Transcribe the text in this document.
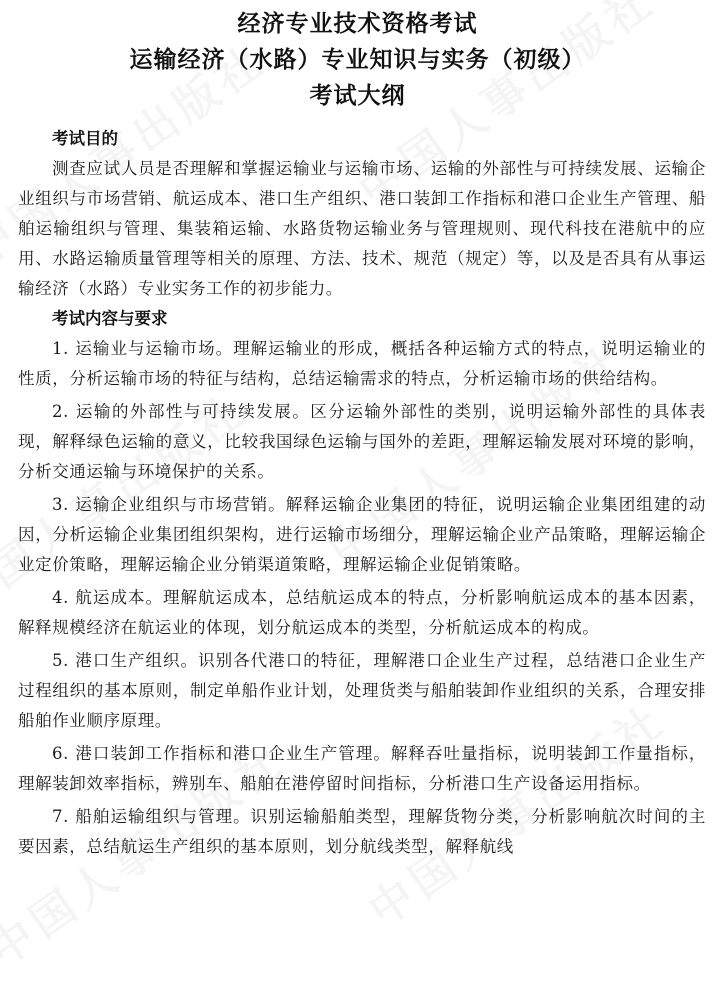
经济专业技术资格考试
运输经济（水路）专业知识与实务（初级）
考试大纲

考试目的

测查应试人员是否理解和掌握运输业与运输市场、运输的外部性与可持续发展、运输企业组织与市场营销、航运成本、港口生产组织、港口装卸工作指标和港口企业生产管理、船舶运输组织与管理、集装箱运输、水路货物运输业务与管理规则、现代科技在港航中的应用、水路运输质量管理等相关的原理、方法、技术、规范（规定）等，以及是否具有从事运输经济（水路）专业实务工作的初步能力。

考试内容与要求

1. 运输业与运输市场。理解运输业的形成，概括各种运输方式的特点，说明运输业的性质，分析运输市场的特征与结构，总结运输需求的特点，分析运输市场的供给结构。

2. 运输的外部性与可持续发展。区分运输外部性的类别，说明运输外部性的具体表现，解释绿色运输的意义，比较我国绿色运输与国外的差距，理解运输发展对环境的影响，分析交通运输与环境保护的关系。

3. 运输企业组织与市场营销。解释运输企业集团的特征，说明运输企业集团组建的动因，分析运输企业集团组织架构，进行运输市场细分，理解运输企业产品策略，理解运输企业定价策略，理解运输企业分销渠道策略，理解运输企业促销策略。

4. 航运成本。理解航运成本，总结航运成本的特点，分析影响航运成本的基本因素，解释规模经济在航运业的体现，划分航运成本的类型，分析航运成本的构成。

5. 港口生产组织。识别各代港口的特征，理解港口企业生产过程，总结港口企业生产过程组织的基本原则，制定单船作业计划，处理货类与船舶装卸作业组织的关系，合理安排船舶作业顺序原理。

6. 港口装卸工作指标和港口企业生产管理。解释吞吐量指标，说明装卸工作量指标，理解装卸效率指标，辨别车、船舶在港停留时间指标，分析港口生产设备运用指标。

7. 船舶运输组织与管理。识别运输船舶类型，理解货物分类，分析影响航次时间的主要因素，总结航运生产组织的基本原则，划分航线类型，解释航线
